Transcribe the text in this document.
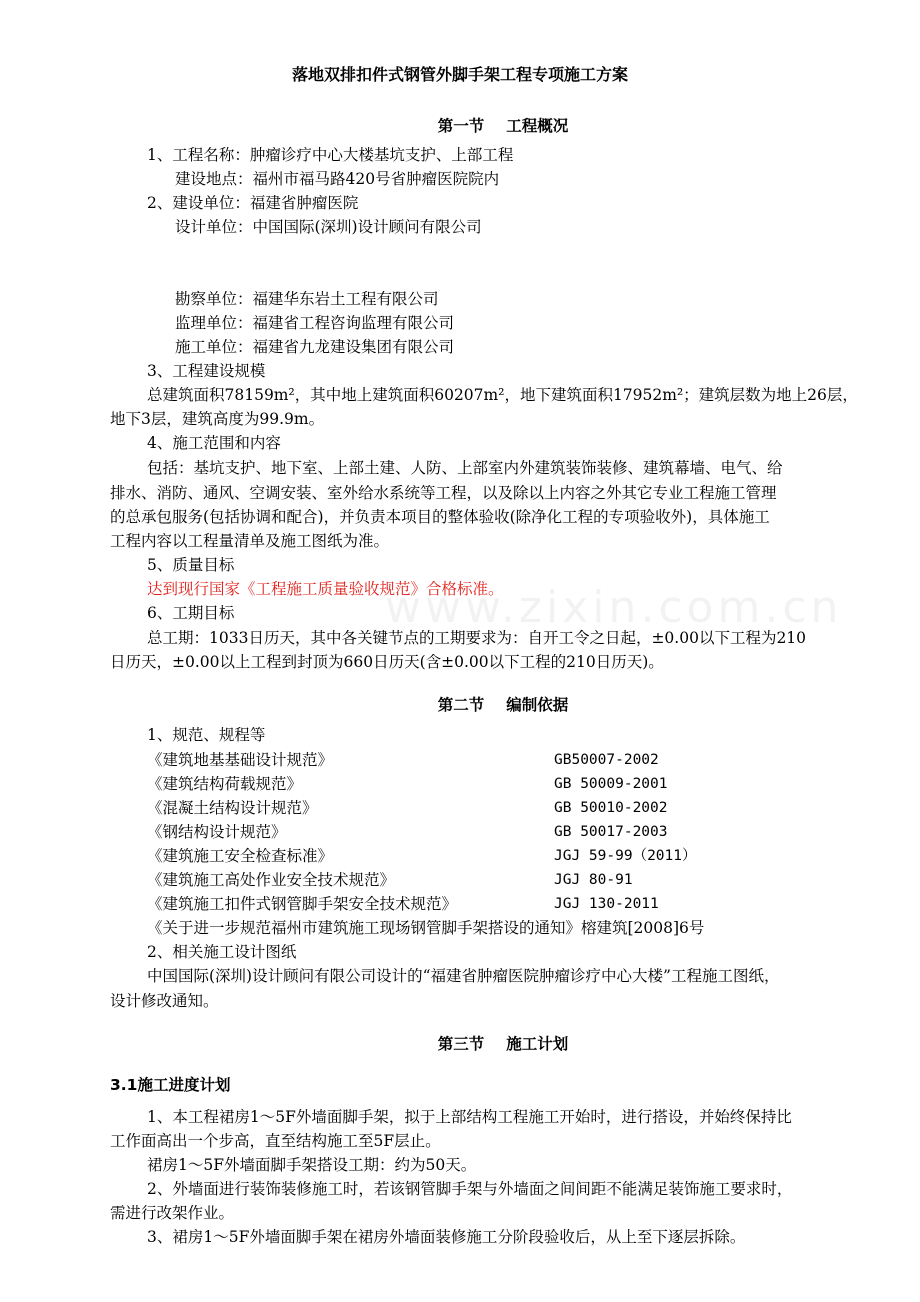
www.zixin.com.cn
落地双排扣件式钢管外脚手架工程专项施工方案
第一节 工程概况
1、工程名称：肿瘤诊疗中心大楼基坑支护、上部工程
建设地点：福州市福马路420号省肿瘤医院院内
2、建设单位：福建省肿瘤医院
设计单位：中国国际(深圳)设计顾问有限公司
勘察单位：福建华东岩土工程有限公司
监理单位：福建省工程咨询监理有限公司
施工单位：福建省九龙建设集团有限公司
3、工程建设规模
总建筑面积78159m²，其中地上建筑面积60207m²，地下建筑面积17952m²；建筑层数为地上26层，
地下3层，建筑高度为99.9m。
4、施工范围和内容
包括：基坑支护、地下室、上部土建、人防、上部室内外建筑装饰装修、建筑幕墙、电气、给
排水、消防、通风、空调安装、室外给水系统等工程，以及除以上内容之外其它专业工程施工管理
的总承包服务(包括协调和配合)，并负责本项目的整体验收(除净化工程的专项验收外)，具体施工
工程内容以工程量清单及施工图纸为准。
5、质量目标
达到现行国家《工程施工质量验收规范》合格标准。
6、工期目标
总工期：1033日历天，其中各关键节点的工期要求为：自开工令之日起，±0.00以下工程为210
日历天，±0.00以上工程到封顶为660日历天(含±0.00以下工程的210日历天)。
第二节 编制依据
1、规范、规程等
《建筑地基基础设计规范》	GB50007-2002
《建筑结构荷载规范》	GB 50009-2001
《混凝土结构设计规范》	GB 50010-2002
《钢结构设计规范》	GB 50017-2003
《建筑施工安全检查标准》	JGJ 59-99（2011）
《建筑施工高处作业安全技术规范》	JGJ 80-91
《建筑施工扣件式钢管脚手架安全技术规范》	JGJ 130-2011
《关于进一步规范福州市建筑施工现场钢管脚手架搭设的通知》榕建筑[2008]6号
2、相关施工设计图纸
中国国际(深圳)设计顾问有限公司设计的“福建省肿瘤医院肿瘤诊疗中心大楼”工程施工图纸，
设计修改通知。
第三节 施工计划
3.1施工进度计划
1、本工程裙房1～5F外墙面脚手架，拟于上部结构工程施工开始时，进行搭设，并始终保持比
工作面高出一个步高，直至结构施工至5F层止。
裙房1～5F外墙面脚手架搭设工期：约为50天。
2、外墙面进行装饰装修施工时，若该钢管脚手架与外墙面之间间距不能满足装饰施工要求时，
需进行改架作业。
3、裙房1～5F外墙面脚手架在裙房外墙面装修施工分阶段验收后，从上至下逐层拆除。
